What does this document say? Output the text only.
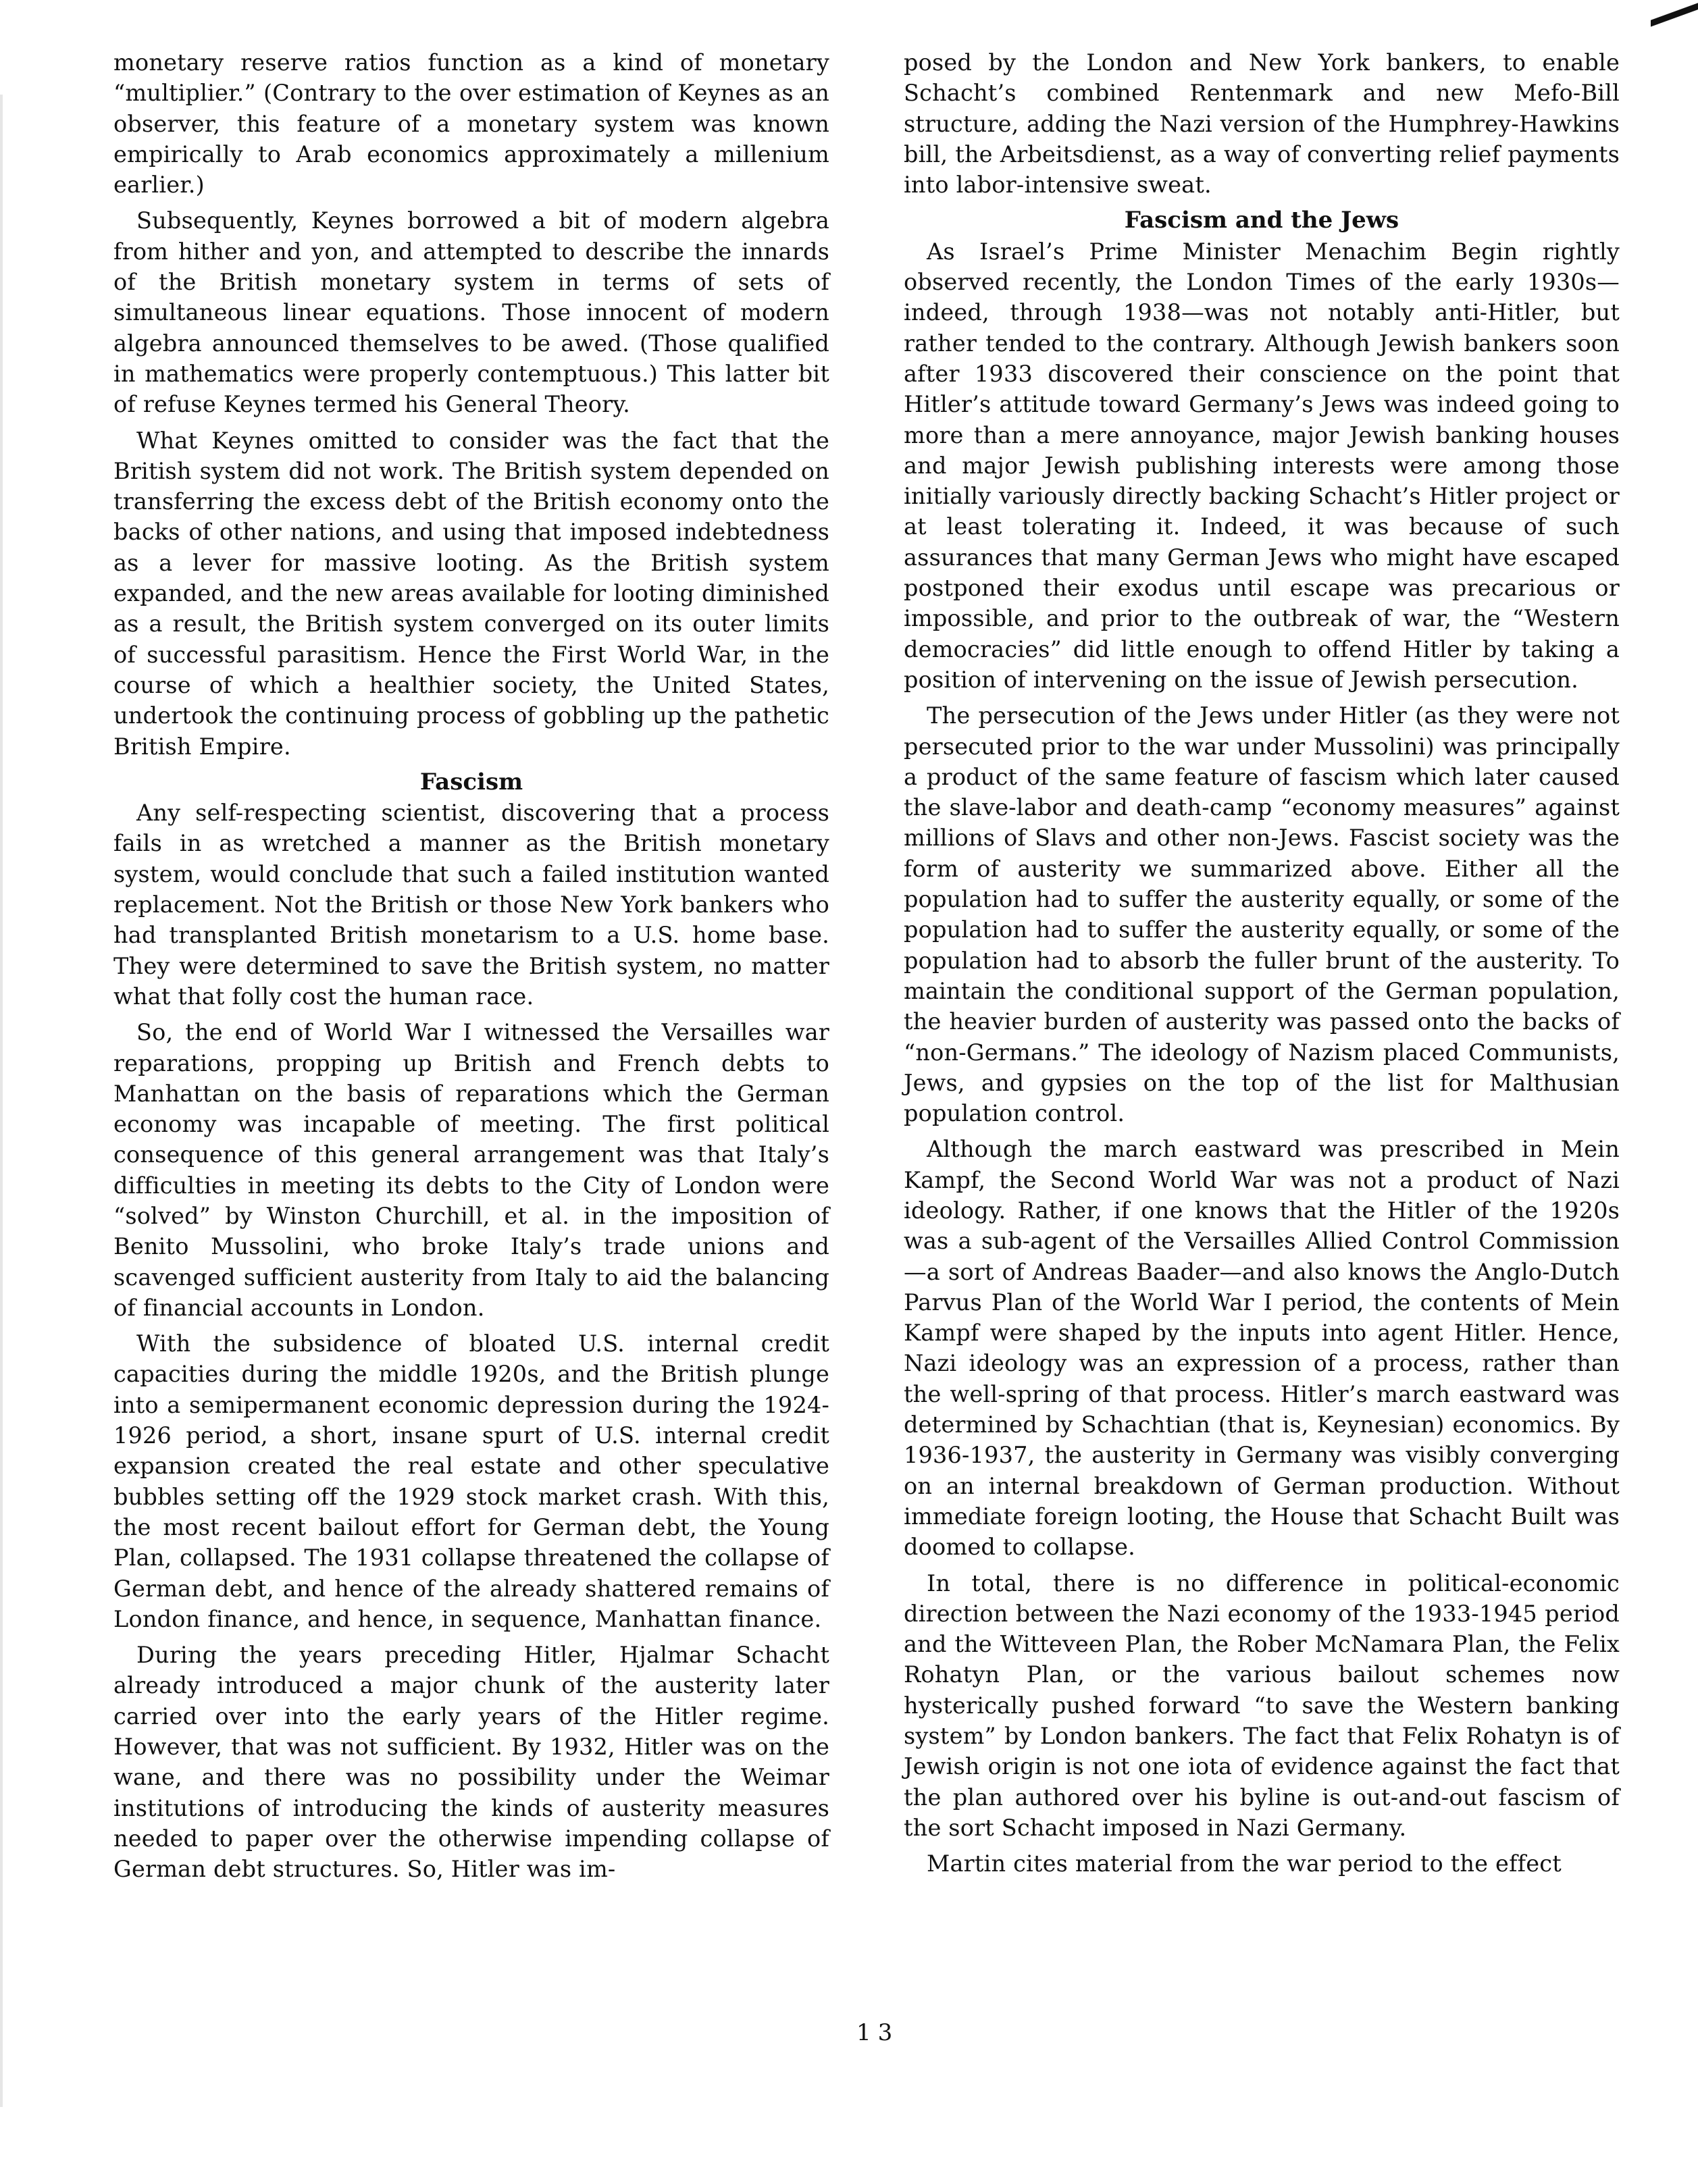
monetary reserve ratios function as a kind of monetary “multiplier.” (Contrary to the over estimation of Keynes as an observer, this feature of a monetary system was known empirically to Arab economics approximately a millenium earlier.)

Subsequently, Keynes borrowed a bit of modern algebra from hither and yon, and attempted to describe the innards of the British monetary system in terms of sets of simultaneous linear equations. Those innocent of modern algebra announced themselves to be awed. (Those qualified in mathematics were properly contemptuous.) This latter bit of refuse Keynes termed his General Theory.

What Keynes omitted to consider was the fact that the British system did not work. The British system depended on transferring the excess debt of the British economy onto the backs of other nations, and using that imposed indebtedness as a lever for massive looting. As the British system expanded, and the new areas available for looting diminished as a result, the British system converged on its outer limits of successful parasitism. Hence the First World War, in the course of which a healthier society, the United States, undertook the continuing process of gobbling up the pathetic British Empire.

Fascism

Any self-respecting scientist, discovering that a process fails in as wretched a manner as the British monetary system, would conclude that such a failed institution wanted replacement. Not the British or those New York bankers who had transplanted British monetarism to a U.S. home base. They were determined to save the British system, no matter what that folly cost the human race.

So, the end of World War I witnessed the Versailles war reparations, propping up British and French debts to Manhattan on the basis of reparations which the German economy was incapable of meeting. The first political consequence of this general arrangement was that Italy’s difficulties in meeting its debts to the City of London were “solved” by Winston Churchill, et al. in the imposition of Benito Mussolini, who broke Italy’s trade unions and scavenged sufficient austerity from Italy to aid the balancing of financial accounts in London.

With the subsidence of bloated U.S. internal credit capacities during the middle 1920s, and the British plunge into a semipermanent economic depression during the 1924-1926 period, a short, insane spurt of U.S. internal credit expansion created the real estate and other speculative bubbles setting off the 1929 stock market crash. With this, the most recent bailout effort for German debt, the Young Plan, collapsed. The 1931 collapse threatened the collapse of German debt, and hence of the already shattered remains of London finance, and hence, in sequence, Manhattan finance.

During the years preceding Hitler, Hjalmar Schacht already introduced a major chunk of the austerity later carried over into the early years of the Hitler regime. However, that was not sufficient. By 1932, Hitler was on the wane, and there was no possibility under the Weimar institutions of introducing the kinds of austerity measures needed to paper over the otherwise impending collapse of German debt structures. So, Hitler was im-

posed by the London and New York bankers, to enable Schacht’s combined Rentenmark and new Mefo-Bill structure, adding the Nazi version of the Humphrey-Hawkins bill, the Arbeitsdienst, as a way of converting relief payments into labor-intensive sweat.

Fascism and the Jews

As Israel’s Prime Minister Menachim Begin rightly observed recently, the London Times of the early 1930s—indeed, through 1938—was not notably anti-Hitler, but rather tended to the contrary. Although Jewish bankers soon after 1933 discovered their conscience on the point that Hitler’s attitude toward Germany’s Jews was indeed going to more than a mere annoyance, major Jewish banking houses and major Jewish publishing interests were among those initially variously directly backing Schacht’s Hitler project or at least tolerating it. Indeed, it was because of such assurances that many German Jews who might have escaped postponed their exodus until escape was precarious or impossible, and prior to the outbreak of war, the “Western democracies” did little enough to offend Hitler by taking a position of intervening on the issue of Jewish persecution.

The persecution of the Jews under Hitler (as they were not persecuted prior to the war under Mussolini) was principally a product of the same feature of fascism which later caused the slave-labor and death-camp “economy measures” against millions of Slavs and other non-Jews. Fascist society was the form of austerity we summarized above. Either all the population had to suffer the austerity equally, or some of the population had to suffer the austerity equally, or some of the population had to absorb the fuller brunt of the austerity. To maintain the conditional support of the German population, the heavier burden of austerity was passed onto the backs of “non-Germans.” The ideology of Nazism placed Communists, Jews, and gypsies on the top of the list for Malthusian population control.

Although the march eastward was prescribed in Mein Kampf, the Second World War was not a product of Nazi ideology. Rather, if one knows that the Hitler of the 1920s was a sub-agent of the Versailles Allied Control Commission—a sort of Andreas Baader—and also knows the Anglo-Dutch Parvus Plan of the World War I period, the contents of Mein Kampf were shaped by the inputs into agent Hitler. Hence, Nazi ideology was an expression of a process, rather than the well-spring of that process. Hitler’s march eastward was determined by Schachtian (that is, Keynesian) economics. By 1936-1937, the austerity in Germany was visibly converging on an internal breakdown of German production. Without immediate foreign looting, the House that Schacht Built was doomed to collapse.

In total, there is no difference in political-economic direction between the Nazi economy of the 1933-1945 period and the Witteveen Plan, the Rober McNamara Plan, the Felix Rohatyn Plan, or the various bailout schemes now hysterically pushed forward “to save the Western banking system” by London bankers. The fact that Felix Rohatyn is of Jewish origin is not one iota of evidence against the fact that the plan authored over his byline is out-and-out fascism of the sort Schacht imposed in Nazi Germany.

Martin cites material from the war period to the effect

13
